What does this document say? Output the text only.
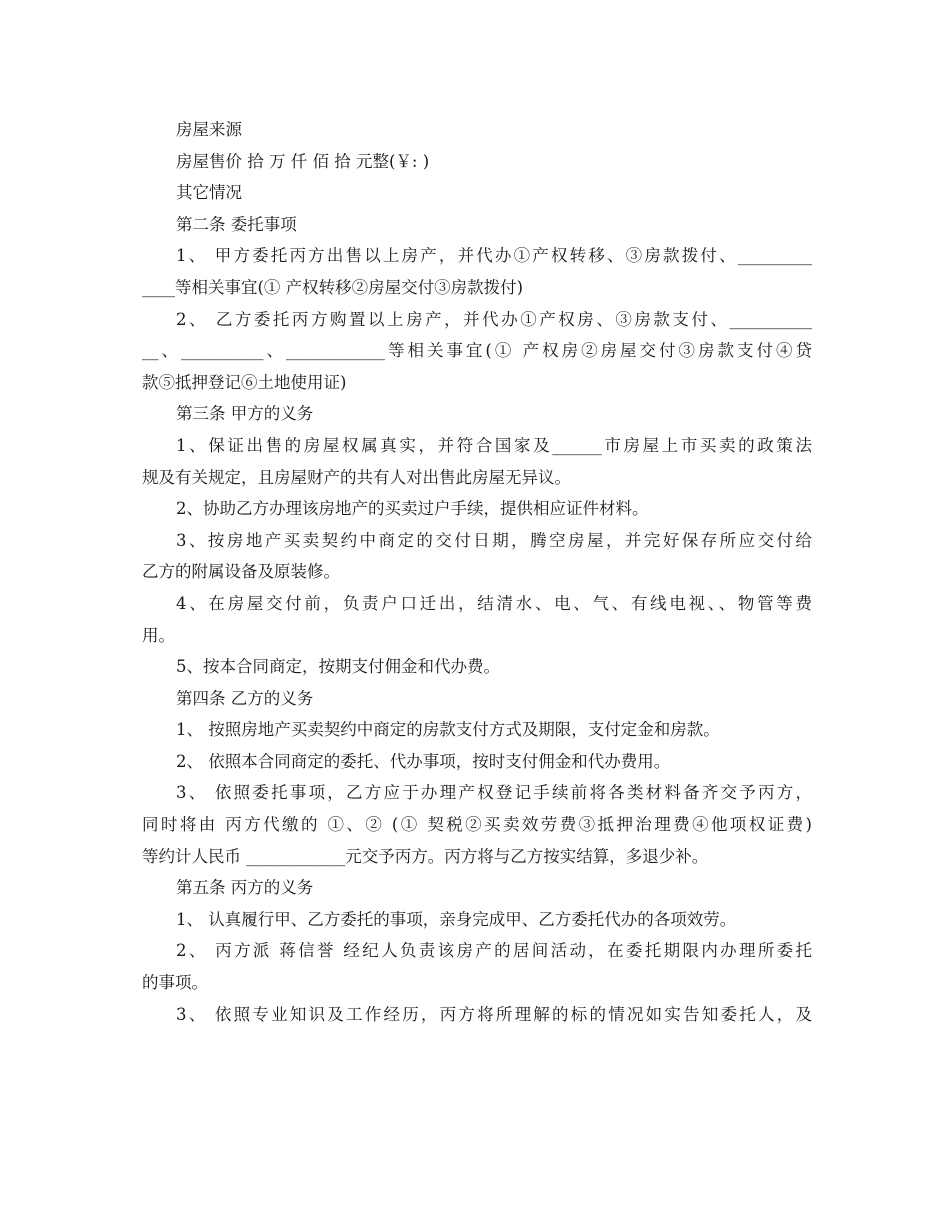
房屋来源
房屋售价 拾 万 仟 佰 拾 元整(￥: )
其它情况
第二条 委托事项
1、 甲方委托丙方出售以上房产，并代办①产权转移、③房款拨付、_________
____等相关事宜(① 产权转移②房屋交付③房款拨付)
2、 乙方委托丙方购置以上房产，并代办①产权房、③房款支付、__________
__、__________、____________等相关事宜(① 产权房②房屋交付③房款支付④贷
款⑤抵押登记⑥土地使用证)
第三条 甲方的义务
1、保证出售的房屋权属真实，并符合国家及______市房屋上市买卖的政策法
规及有关规定，且房屋财产的共有人对出售此房屋无异议。
2、协助乙方办理该房地产的买卖过户手续，提供相应证件材料。
3、按房地产买卖契约中商定的交付日期，腾空房屋，并完好保存所应交付给
乙方的附属设备及原装修。
4、在房屋交付前，负责户口迁出，结清水、电、气、有线电视、、物管等费
用。
5、按本合同商定，按期支付佣金和代办费。
第四条 乙方的义务
1、 按照房地产买卖契约中商定的房款支付方式及期限，支付定金和房款。
2、 依照本合同商定的委托、代办事项，按时支付佣金和代办费用。
3、 依照委托事项，乙方应于办理产权登记手续前将各类材料备齐交予丙方，
同时将由 丙方代缴的 ①、② (① 契税②买卖效劳费③抵押治理费④他项权证费)
等约计人民币 ____________元交予丙方。丙方将与乙方按实结算，多退少补。
第五条 丙方的义务
1、 认真履行甲、乙方委托的事项，亲身完成甲、乙方委托代办的各项效劳。
2、 丙方派 蒋信誉 经纪人负责该房产的居间活动，在委托期限内办理所委托
的事项。
3、 依照专业知识及工作经历，丙方将所理解的标的情况如实告知委托人，及
